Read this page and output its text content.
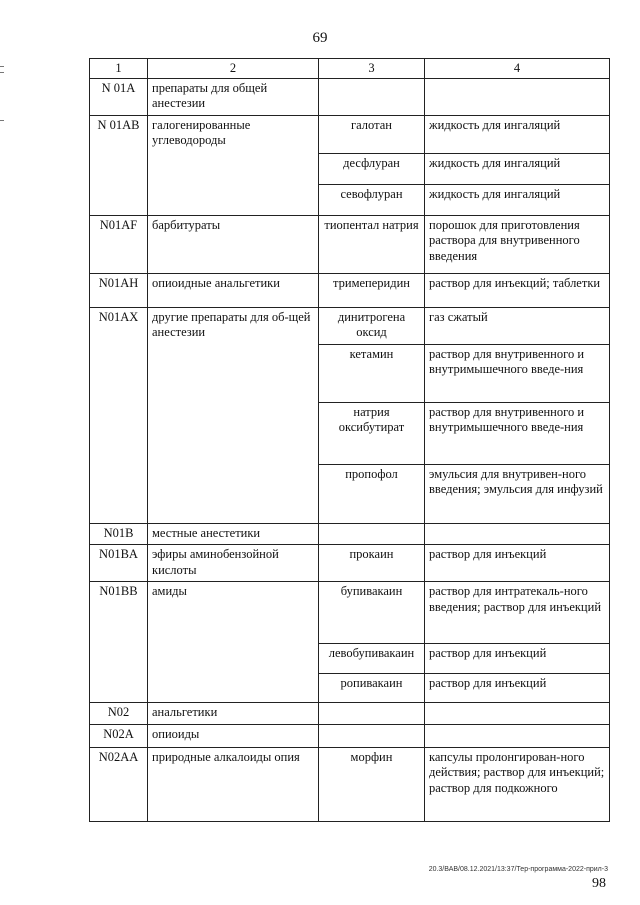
69
1	2	3	4
N 01A	препараты для общей анестезии		
N 01AB	галогенированные углеводороды	галотан	жидкость для ингаляций
		десфлуран	жидкость для ингаляций
		севофлуран	жидкость для ингаляций
N01AF	барбитураты	тиопентал натрия	порошок для приготовления раствора для внутривенного введения
N01AH	опиоидные анальгетики	тримеперидин	раствор для инъекций; таблетки
N01AX	другие препараты для об-щей анестезии	динитрогена оксид	газ сжатый
		кетамин	раствор для внутривенного и внутримышечного введе-ния
		натрия оксибутират	раствор для внутривенного и внутримышечного введе-ния
		пропофол	эмульсия для внутривен-ного введения; эмульсия для инфузий
N01B	местные анестетики		
N01BA	эфиры аминобензойной кислоты	прокаин	раствор для инъекций
N01BB	амиды	бупивакаин	раствор для интратекаль-ного введения; раствор для инъекций
		левобупивакаин	раствор для инъекций
		ропивакаин	раствор для инъекций
N02	анальгетики		
N02A	опиоиды		
N02AA	природные алкалоиды опия	морфин	капсулы пролонгирован-ного действия; раствор для инъекций; раствор для подкожного
20.3/ВАВ/08.12.2021/13:37/Тер-программа-2022-прил-3
98
